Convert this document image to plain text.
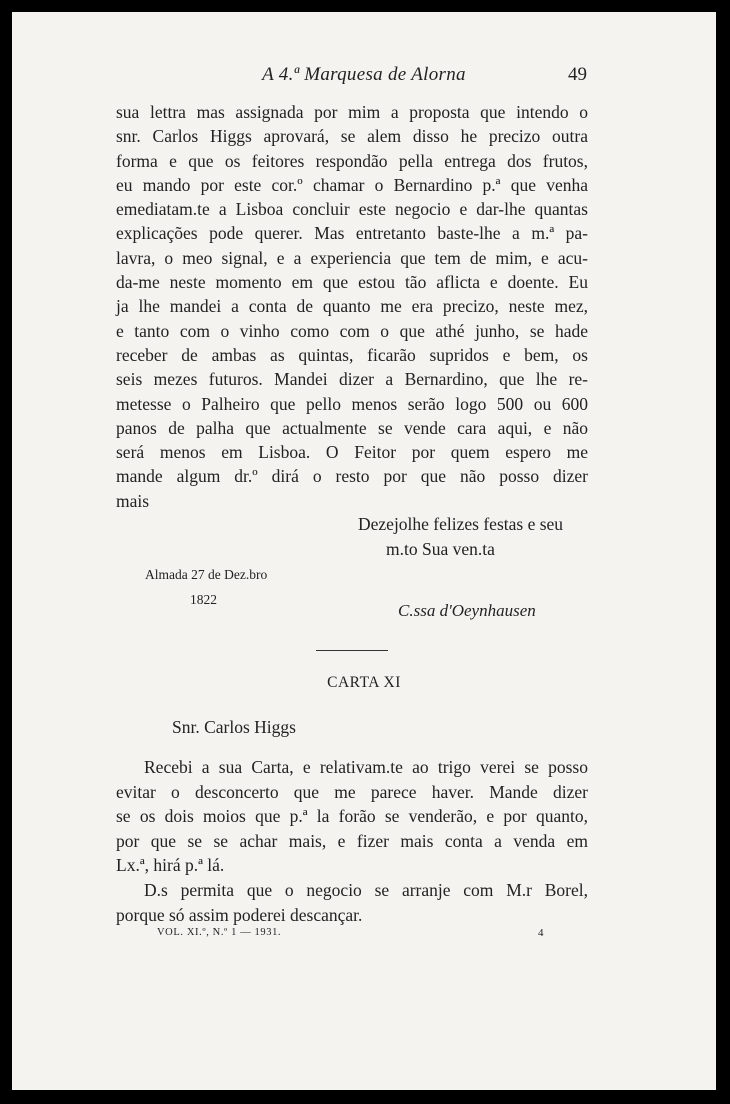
A 4.ª Marquesa de Alorna	49
sua lettra mas assignada por mim a proposta que intendo o
snr. Carlos Higgs aprovará, se alem disso he precizo outra
forma e que os feitores respondão pella entrega dos frutos,
eu mando por este cor.º chamar o Bernardino p.ª que venha
emediatam.te a Lisboa concluir este negocio e dar-lhe quantas
explicações pode querer. Mas entretanto baste-lhe a m.ª pa-
lavra, o meo signal, e a experiencia que tem de mim, e acu-
da-me neste momento em que estou tão aflicta e doente. Eu
ja lhe mandei a conta de quanto me era precizo, neste mez,
e tanto com o vinho como com o que athé junho, se hade
receber de ambas as quintas, ficarão supridos e bem, os
seis mezes futuros. Mandei dizer a Bernardino, que lhe re-
metesse o Palheiro que pello menos serão logo 500 ou 600
panos de palha que actualmente se vende cara aqui, e não
será menos em Lisboa. O Feitor por quem espero me
mande algum dr.º dirá o resto por que não posso dizer
mais
Dezejolhe felizes festas e seu
m.to Sua ven.ta
Almada 27 de Dez.bro
1822
C.ssa d'Oeynhausen
CARTA XI
Snr. Carlos Higgs
Recebi a sua Carta, e relativam.te ao trigo verei se posso
evitar o desconcerto que me parece haver. Mande dizer
se os dois moios que p.ª la forão se venderão, e por quanto,
por que se se achar mais, e fizer mais conta a venda em
Lx.ª, hirá p.ª lá.
D.s permita que o negocio se arranje com M.r Borel,
porque só assim poderei descançar.
VOL. XI.º, N.º 1 — 1931.	4
